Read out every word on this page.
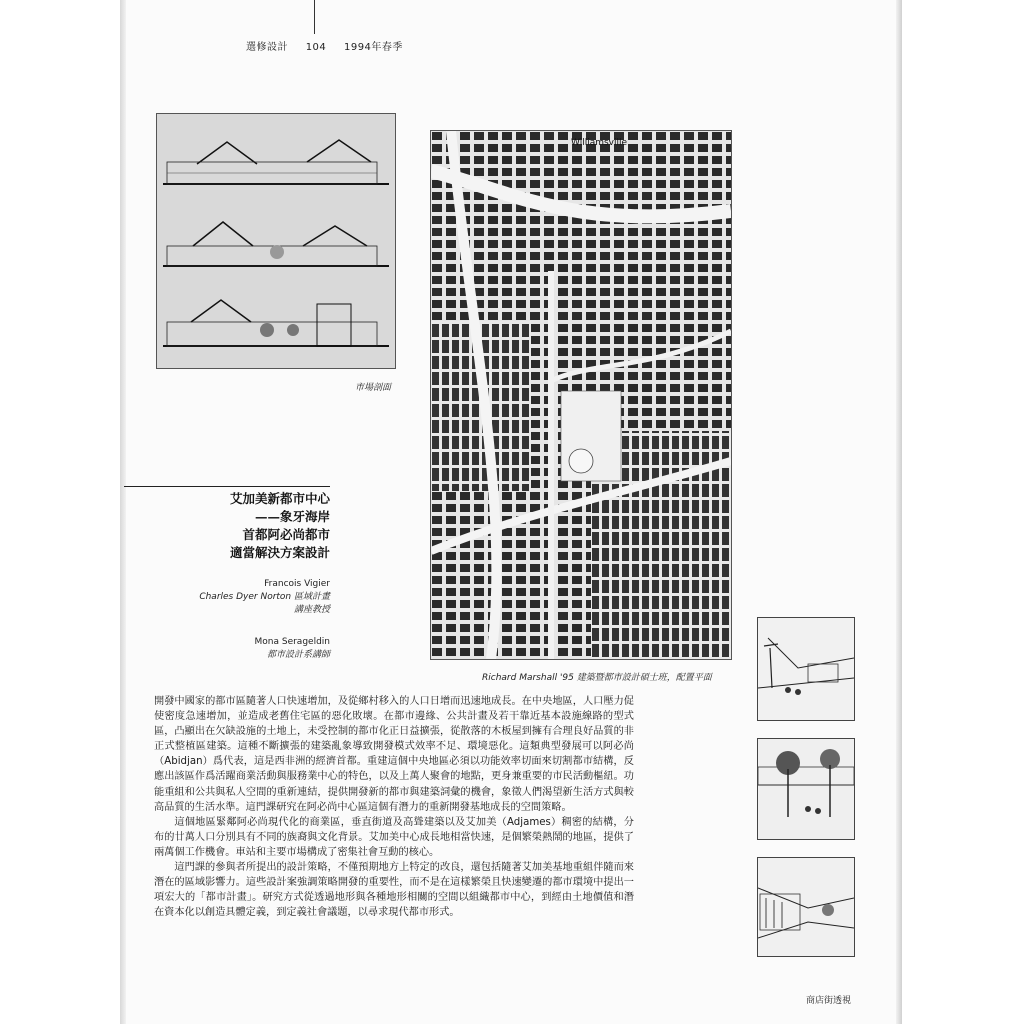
選修設計 104 1994年春季
市場剖面
Williamsville
Richard Marshall '95 建築暨都市設計碩士班，配置平面
商店街透視
艾加美新都市中心
——象牙海岸
首都阿必尚都市
適當解決方案設計
Francois Vigier
Charles Dyer Norton 區域計畫
講座教授
Mona Serageldin
都市設計系講師

開發中國家的都市區隨著人口快速增加，及從鄉村移入的人口日增而迅速地成長。在中央地區，人口壓力促使密度急速增加，並造成老舊住宅區的惡化敗壞。在都市邊緣、公共計畫及若干靠近基本設施線路的型式區，凸顯出在欠缺設施的土地上，未受控制的都市化正日益擴張，從散落的木板屋到擁有合理良好品質的非正式整植區建築。這種不斷擴張的建築亂象導致開發模式效率不足、環境惡化。這類典型發展可以阿必尚（Abidjan）爲代表，這是西非洲的經濟首都。重建這個中央地區必須以功能效率切面來切割都市結構，反應出該區作爲活躍商業活動與服務業中心的特色，以及上萬人聚會的地點，更身兼重要的市民活動樞紐。功能重組和公共與私人空間的重新連結，提供開發新的都市與建築詞彙的機會，象徵人們渴望新生活方式與較高品質的生活水準。這門課研究在阿必尚中心區這個有潛力的重新開發基地成長的空間策略。

這個地區緊鄰阿必尚現代化的商業區，垂直街道及高聳建築以及艾加美（Adjames）稠密的結構，分布的廿萬人口分別具有不同的族裔與文化背景。艾加美中心成長地相當快速，是個繁榮熱鬧的地區，提供了兩萬個工作機會。車站和主要市場構成了密集社會互動的核心。

這門課的參與者所提出的設計策略，不僅預期地方上特定的改良，還包括隨著艾加美基地重組伴隨而來潛在的區域影響力。這些設計案強調策略開發的重要性，而不是在這樣繁榮且快速變遷的都市環境中提出一項宏大的「都市計畫」。研究方式從透過地形與各種地形相關的空間以組織都市中心，到經由土地價值和潛在資本化以創造具體定義，到定義社會議題，以尋求現代都市形式。
